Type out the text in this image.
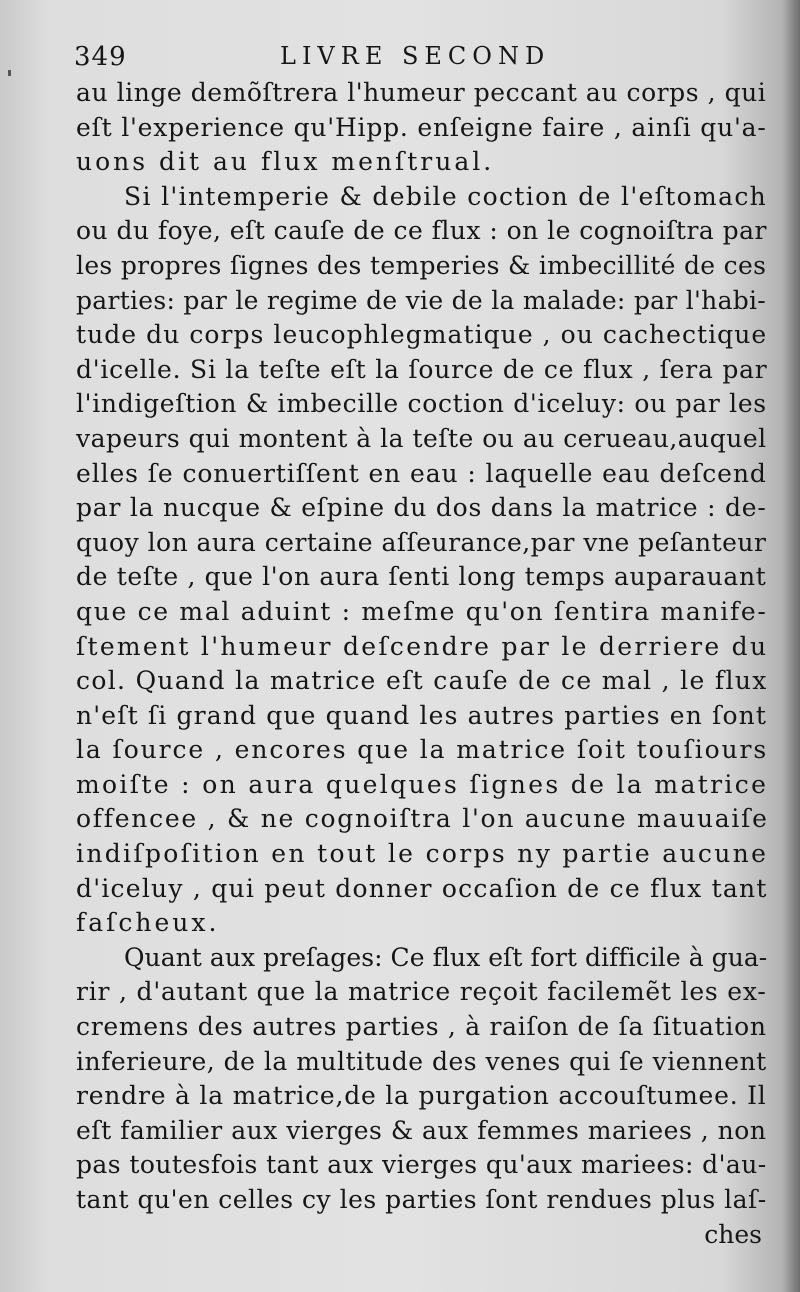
349	LIVRE SECOND
au linge demõſtrera l'humeur peccant au corps , qui
eſt l'experience qu'Hipp. enſeigne faire , ainſi qu'a-
uons dit au flux menſtrual.
Si l'intemperie & debile coction de l'eſtomach
ou du foye, eſt cauſe de ce flux : on le cognoiſtra par
les propres ſignes des temperies & imbecillité de ces
parties: par le regime de vie de la malade: par l'habi-
tude du corps leucophlegmatique , ou cachectique
d'icelle. Si la teſte eſt la ſource de ce flux , ſera par
l'indigeſtion & imbecille coction d'iceluy: ou par les
vapeurs qui montent à la teſte ou au cerueau,auquel
elles ſe conuertiſſent en eau : laquelle eau deſcend
par la nucque & eſpine du dos dans la matrice : de-
quoy lon aura certaine aſſeurance,par vne peſanteur
de teſte , que l'on aura ſenti long temps auparauant
que ce mal aduint : meſme qu'on ſentira manife-
ſtement l'humeur deſcendre par le derriere du
col. Quand la matrice eſt cauſe de ce mal , le flux
n'eſt ſi grand que quand les autres parties en ſont
la ſource , encores que la matrice ſoit touſiours
moiſte : on aura quelques ſignes de la matrice
offencee , & ne cognoiſtra l'on aucune mauuaiſe
indiſpoſition en tout le corps ny partie aucune
d'iceluy , qui peut donner occaſion de ce flux tant
faſcheux.
Quant aux preſages: Ce flux eſt fort difficile à gua-
rir , d'autant que la matrice reçoit facilemẽt les ex-
cremens des autres parties , à raiſon de ſa ſituation
inferieure, de la multitude des venes qui ſe viennent
rendre à la matrice,de la purgation accouſtumee. Il
eſt familier aux vierges & aux femmes mariees , non
pas toutesfois tant aux vierges qu'aux mariees: d'au-
tant qu'en celles cy les parties ſont rendues plus laſ-
ches
